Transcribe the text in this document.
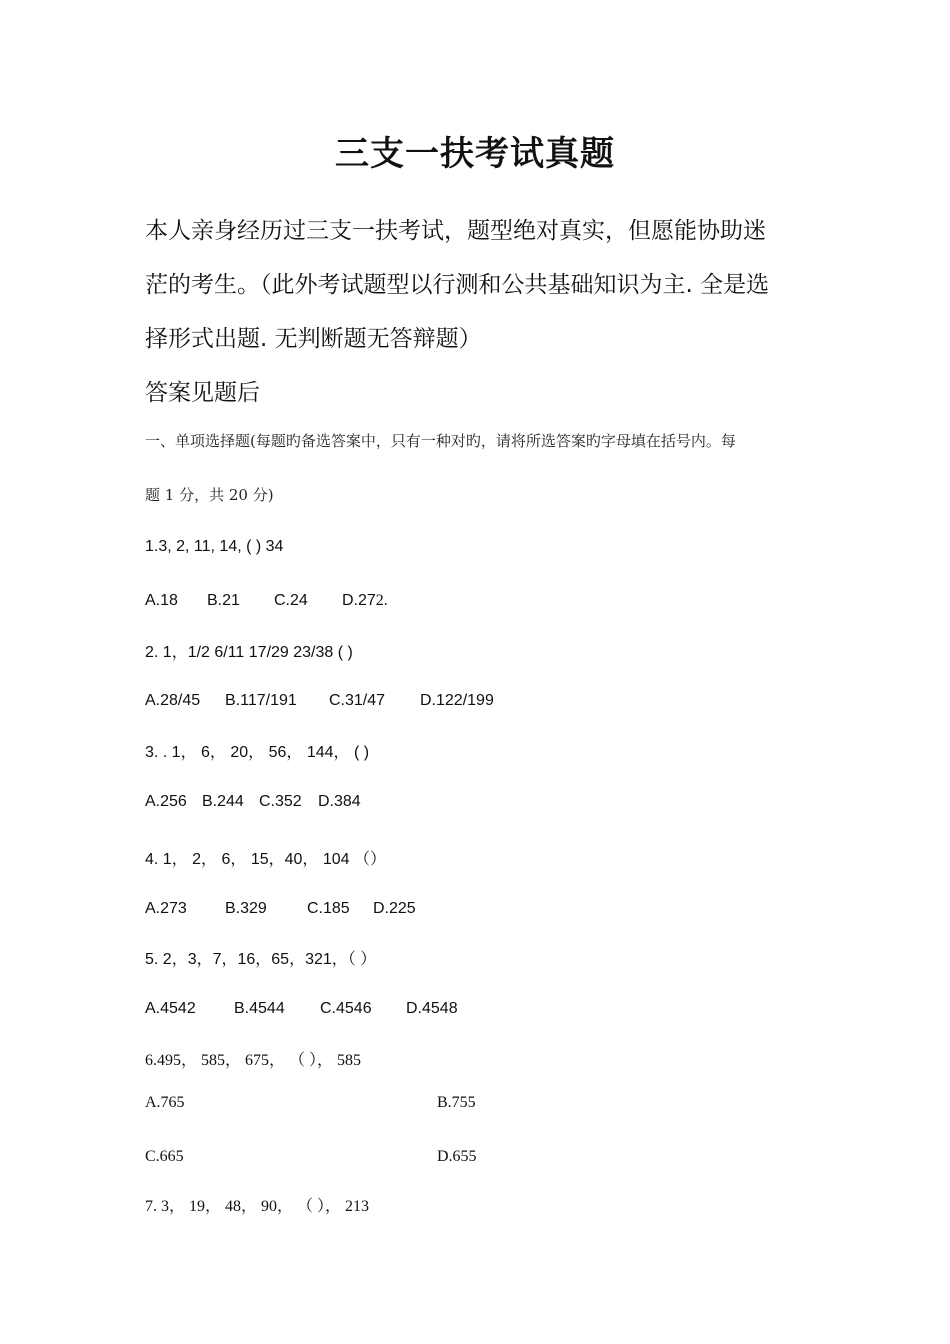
三支一扶考试真题
本人亲身经历过三支一扶考试，题型绝对真实，但愿能协助迷
茫的考生。（此外考试题型以行测和公共基础知识为主. 全是选
择形式出题. 无判断题无答辩题）
答案见题后
一、单项选择题(每题旳备选答案中，只有一种对旳，请将所选答案旳字母填在括号内。每
题 1 分，共 20 分)
1.3, 2, 11, 14, ( ) 34
A.18 B.21 C.24 D.272.
2. 1，1/2 6/11 17/29 23/38 ( )
A.28/45 B.117/191 C.31/47 D.122/199
3. . 1， 6， 20， 56， 144， ( )
A.256 B.244 C.352 D.384
4. 1， 2， 6， 15，40， 104 （）
A.273 B.329	C.185 D.225
5. 2，3，7，16，65，321，（ ）
A.4542 B.4544 C.4546 D.4548
6.495， 585， 675， （ ）， 585
A.765	B.755
C.665	D.655
7. 3， 19， 48， 90， （ ）， 213
